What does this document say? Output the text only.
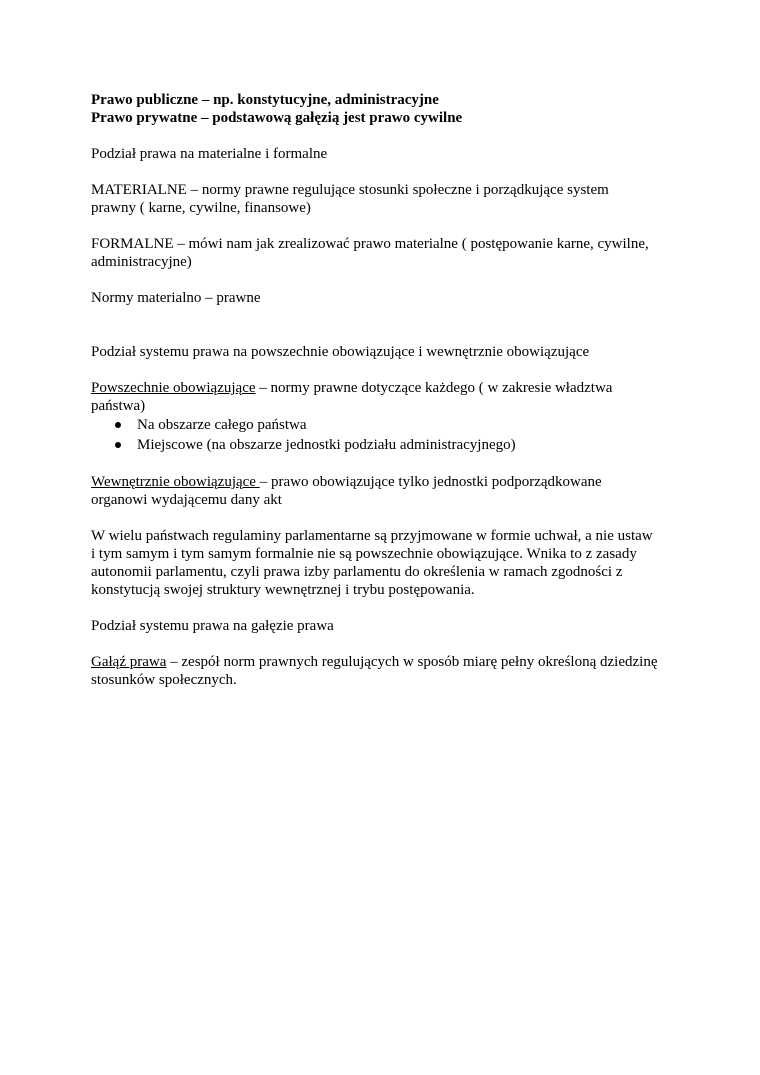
Prawo publiczne – np. konstytucyjne, administracyjne
Prawo prywatne – podstawową gałęzią jest prawo cywilne
Podział prawa na materialne i formalne
MATERIALNE – normy prawne regulujące stosunki społeczne i porządkujące system
prawny ( karne, cywilne, finansowe)
FORMALNE – mówi nam jak zrealizować prawo materialne ( postępowanie karne, cywilne,
administracyjne)
Normy materialno – prawne
Podział systemu prawa na powszechnie obowiązujące i wewnętrznie obowiązujące
Powszechnie obowiązujące – normy prawne dotyczące każdego ( w zakresie władztwa
państwa)
Na obszarze całego państwa
Miejscowe (na obszarze jednostki podziału administracyjnego)
Wewnętrznie obowiązujące – prawo obowiązujące tylko jednostki podporządkowane
organowi wydającemu dany akt
W wielu państwach regulaminy parlamentarne są przyjmowane w formie uchwał, a nie ustaw
i tym samym i tym samym formalnie nie są powszechnie obowiązujące. Wnika to z zasady
autonomii parlamentu, czyli prawa izby parlamentu do określenia w ramach zgodności z
konstytucją swojej struktury wewnętrznej i trybu postępowania.
Podział systemu prawa na gałęzie prawa
Gałąź prawa – zespół norm prawnych regulujących w sposób miarę pełny określoną dziedzinę
stosunków społecznych.
